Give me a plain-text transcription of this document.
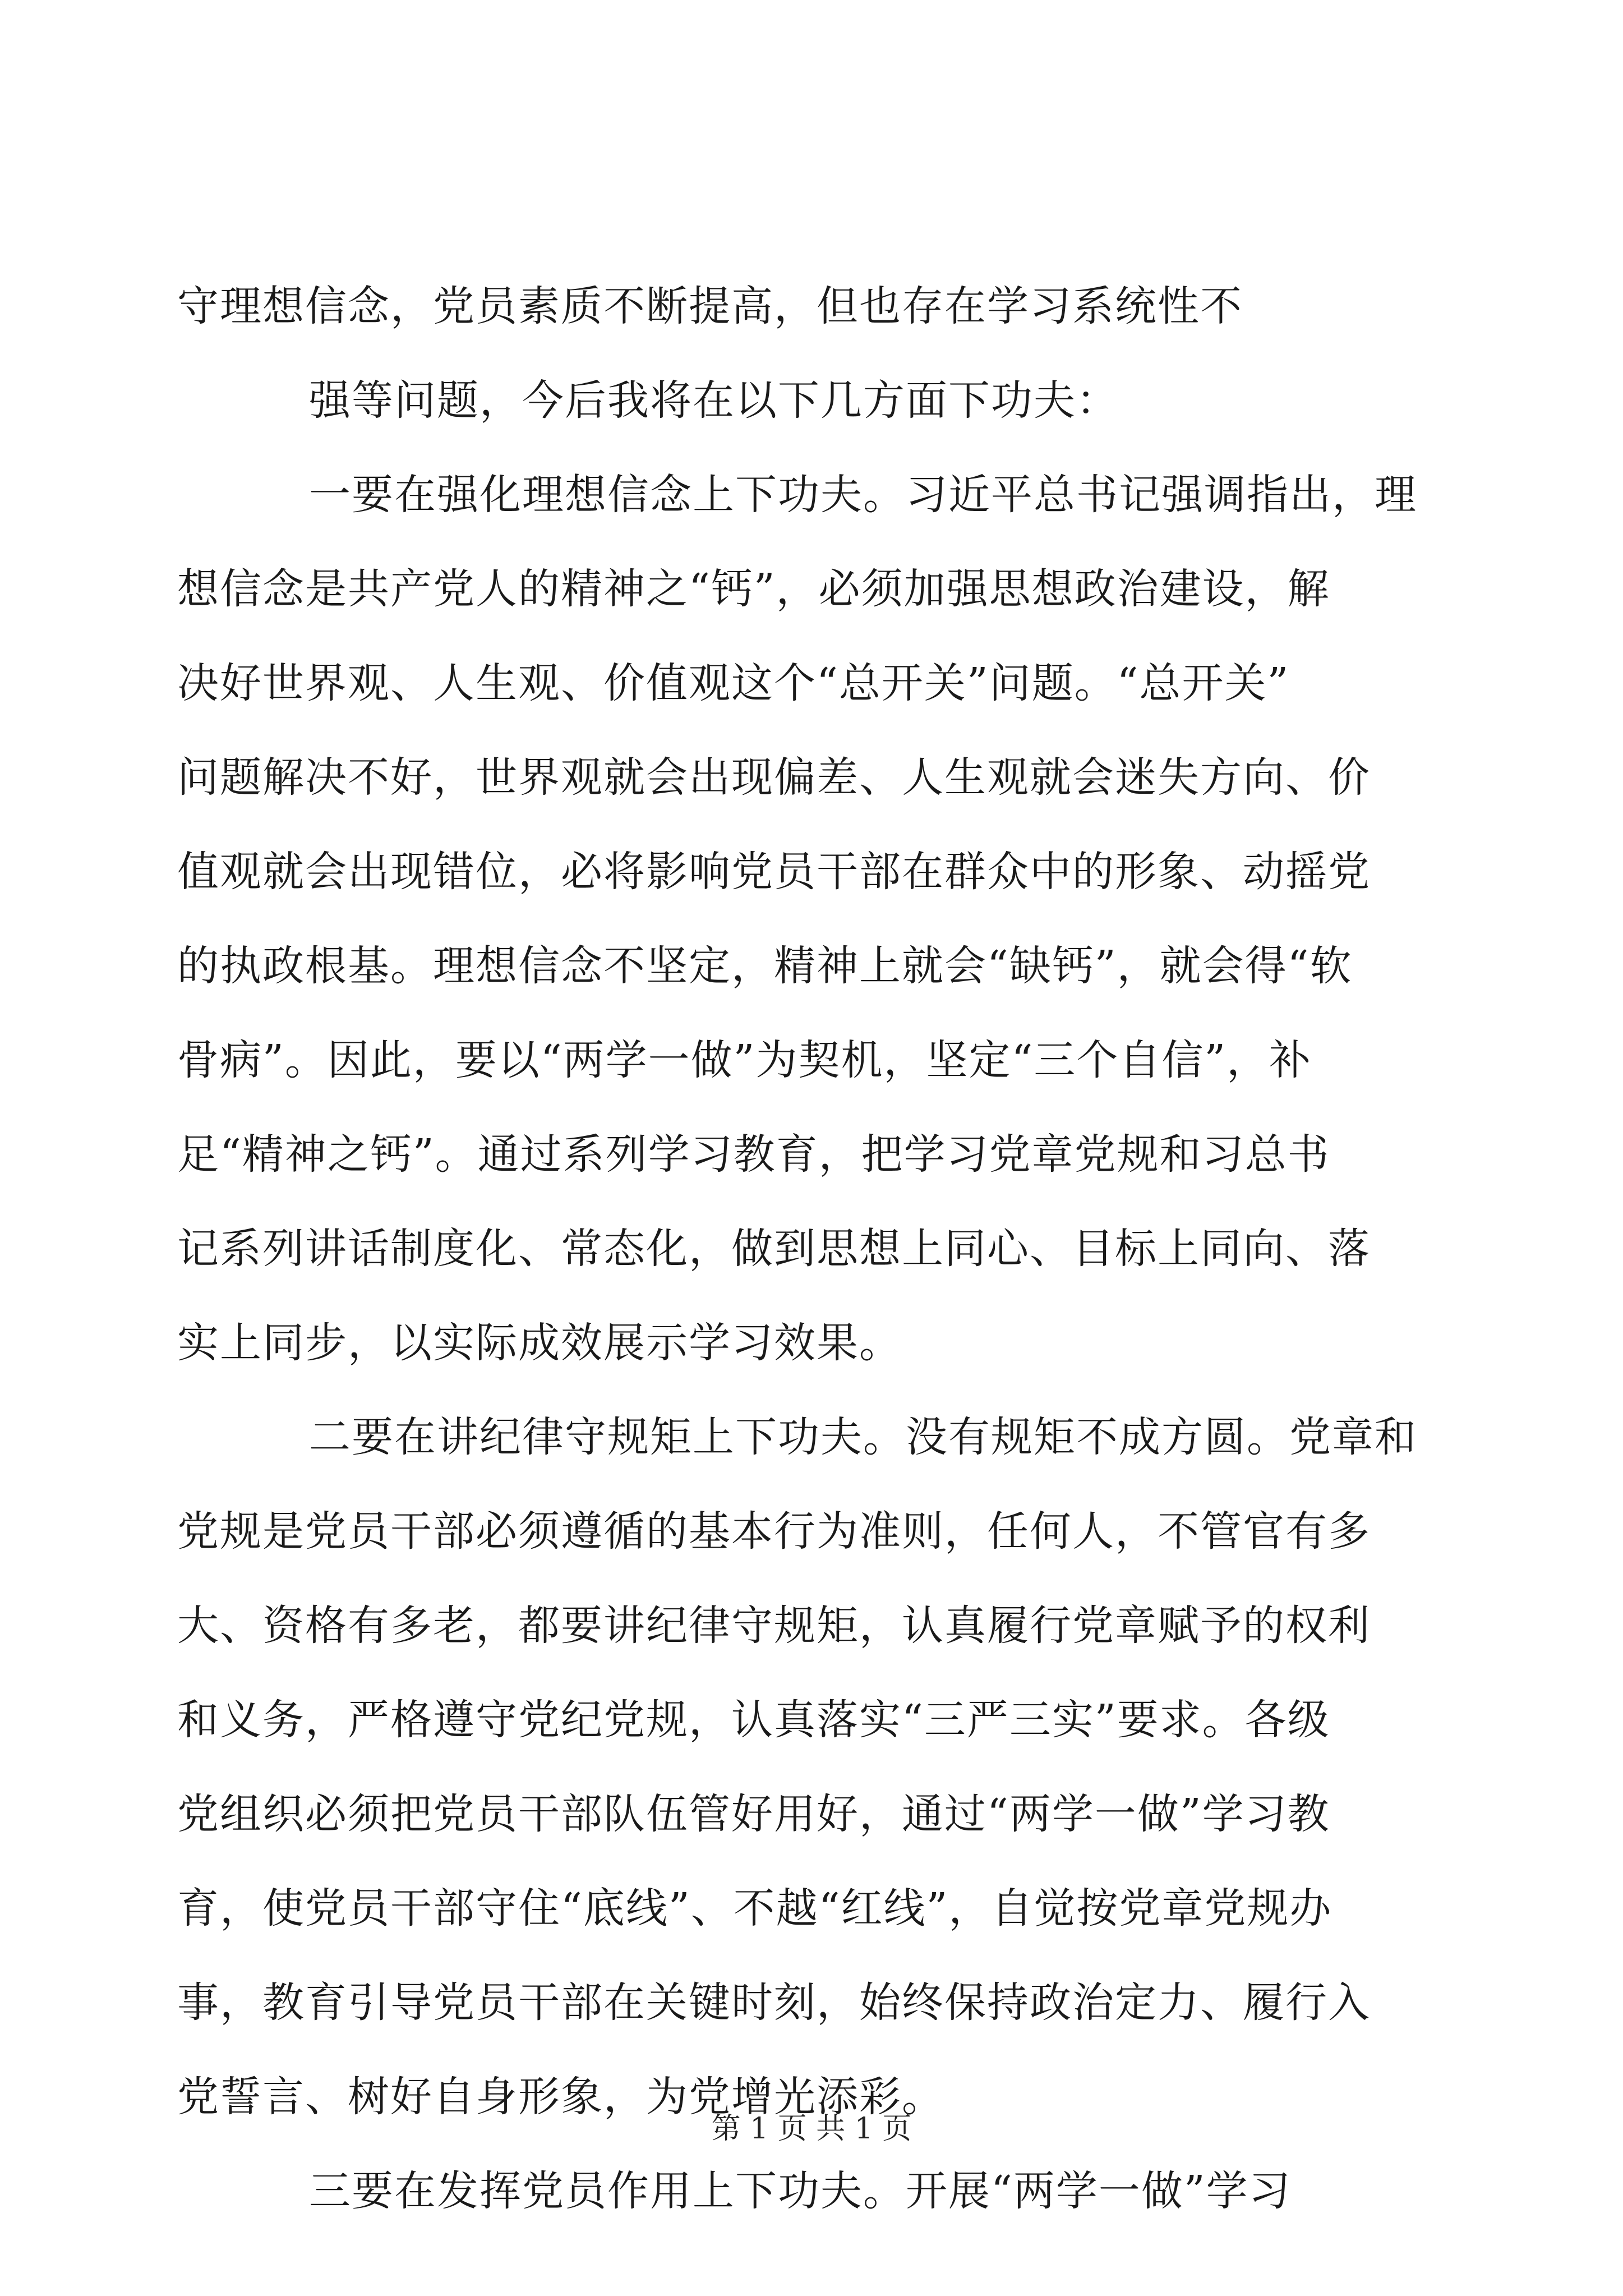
守理想信念，党员素质不断提高，但也存在学习系统性不
强等问题，今后我将在以下几方面下功夫：
一要在强化理想信念上下功夫。习近平总书记强调指出，理
想信念是共产党人的精神之“钙”，必须加强思想政治建设，解
决好世界观、人生观、价值观这个“总开关”问题。“总开关”
问题解决不好，世界观就会出现偏差、人生观就会迷失方向、价
值观就会出现错位，必将影响党员干部在群众中的形象、动摇党
的执政根基。理想信念不坚定，精神上就会“缺钙”，就会得“软
骨病”。因此，要以“两学一做”为契机，坚定“三个自信”，补
足“精神之钙”。通过系列学习教育，把学习党章党规和习总书
记系列讲话制度化、常态化，做到思想上同心、目标上同向、落
实上同步，以实际成效展示学习效果。
二要在讲纪律守规矩上下功夫。没有规矩不成方圆。党章和
党规是党员干部必须遵循的基本行为准则，任何人，不管官有多
大、资格有多老，都要讲纪律守规矩，认真履行党章赋予的权利
和义务，严格遵守党纪党规，认真落实“三严三实”要求。各级
党组织必须把党员干部队伍管好用好，通过“两学一做”学习教
育，使党员干部守住“底线”、不越“红线”，自觉按党章党规办
事，教育引导党员干部在关键时刻，始终保持政治定力、履行入
党誓言、树好自身形象，为党增光添彩。
三要在发挥党员作用上下功夫。开展“两学一做”学习
第 1 页 共 1 页
